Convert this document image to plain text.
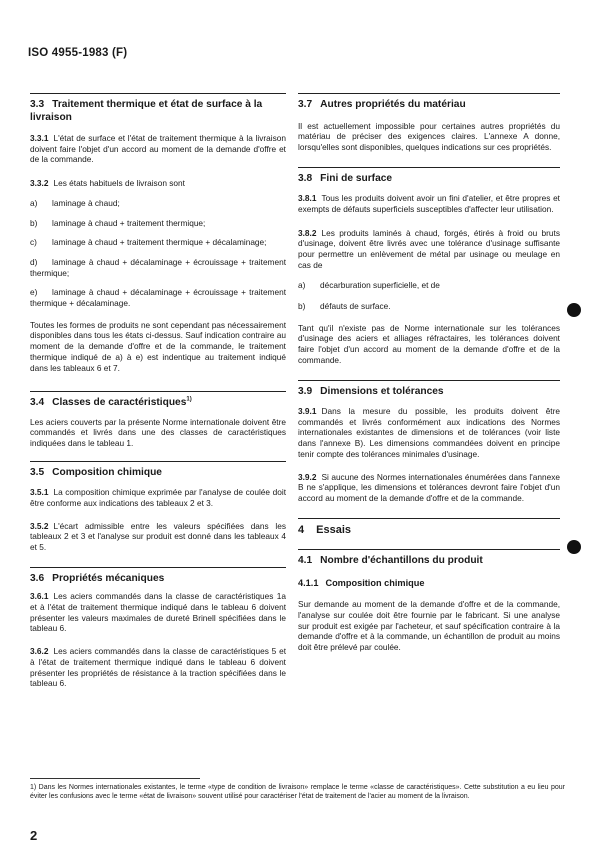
ISO 4955-1983 (F)
3.3 Traitement thermique et état de surface à la livraison

3.3.1 L'état de surface et l'état de traitement thermique à la livraison doivent faire l'objet d'un accord au moment de la demande d'offre et de la commande.

3.3.2 Les états habituels de livraison sont

a) laminage à chaud;

b) laminage à chaud + traitement thermique;

c) laminage à chaud + traitement thermique + décalaminage;

d) laminage à chaud + décalaminage + écrouissage + traitement thermique;

e) laminage à chaud + décalaminage + écrouissage + traitement thermique + décalaminage.

Toutes les formes de produits ne sont cependant pas nécessairement disponibles dans tous les états ci-dessus. Sauf indication contraire au moment de la demande d'offre et de la commande, le traitement thermique indiqué de a) à e) est indentique au traitement indiqué dans les tableaux 6 et 7.

3.4 Classes de caractéristiques$^{1)}$

Les aciers couverts par la présente Norme internationale doivent être commandés et livrés dans une des classes de caractéristiques indiquées dans le tableau 1.

3.5 Composition chimique

3.5.1 La composition chimique exprimée par l'analyse de coulée doit être conforme aux indications des tableaux 2 et 3.

3.5.2 L'écart admissible entre les valeurs spécifiées dans les tableaux 2 et 3 et l'analyse sur produit est donné dans les tableaux 4 et 5.

3.6 Propriétés mécaniques

3.6.1 Les aciers commandés dans la classe de caractéristiques 1a et à l'état de traitement thermique indiqué dans le tableau 6 doivent présenter les valeurs maximales de dureté Brinell spécifiées dans le tableau 6.

3.6.2 Les aciers commandés dans la classe de caractéristiques 5 et à l'état de traitement thermique indiqué dans le tableau 6 doivent présenter les propriétés de résistance à la traction spécifiées dans le tableau 6.

3.7 Autres propriétés du matériau

Il est actuellement impossible pour certaines autres propriétés du matériau de préciser des exigences claires. L'annexe A donne, lorsqu'elles sont disponibles, quelques indications sur ces propriétés.

3.8 Fini de surface

3.8.1 Tous les produits doivent avoir un fini d'atelier, et être propres et exempts de défauts superficiels susceptibles d'affecter leur utilisation.

3.8.2 Les produits laminés à chaud, forgés, étirés à froid ou bruts d'usinage, doivent être livrés avec une tolérance d'usinage suffisante pour permettre un enlèvement de métal par usinage ou meulage en cas de

a) décarburation superficielle, et de

b) défauts de surface.

Tant qu'il n'existe pas de Norme internationale sur les tolérances d'usinage des aciers et alliages réfractaires, les tolérances doivent faire l'objet d'un accord au moment de la demande d'offre et de la commande.

3.9 Dimensions et tolérances

3.9.1 Dans la mesure du possible, les produits doivent être commandés et livrés conformément aux indications des Normes internationales existantes de dimensions et de tolérances (voir liste dans l'annexe B). Les dimensions commandées doivent en principe tenir compte des tolérances minimales d'usinage.

3.9.2 Si aucune des Normes internationales énumérées dans l'annexe B ne s'applique, les dimensions et tolérances devront faire l'objet d'un accord au moment de la demande d'offre et de la commande.

4 Essais
4.1 Nombre d'échantillons du produit
4.1.1 Composition chimique

Sur demande au moment de la demande d'offre et de la commande, l'analyse sur coulée doit être fournie par le fabricant. Si une analyse sur produit est exigée par l'acheteur, et sauf spécification contraire à la demande d'offre et à la commande, un échantillon de produit au moins doit être prélevé par coulée.

1) Dans les Normes internationales existantes, le terme «type de condition de livraison» remplace le terme «classe de caractéristiques». Cette substitution a eu lieu pour éviter les confusions avec le terme «état de livraison» souvent utilisé pour caractériser l'état de traitement de l'acier au moment de la livraison.
2
